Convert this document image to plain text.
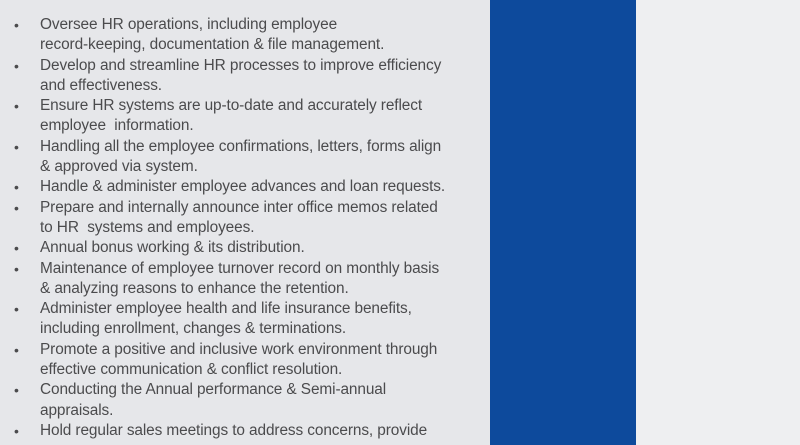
•	Oversee HR operations, including employee
record-keeping, documentation & file management.
•	Develop and streamline HR processes to improve efficiency
and effectiveness.
•	Ensure HR systems are up-to-date and accurately reflect
employee  information.
•	Handling all the employee confirmations, letters, forms align
& approved via system.
•	Handle & administer employee advances and loan requests.
•	Prepare and internally announce inter office memos related
to HR  systems and employees.
•	Annual bonus working & its distribution.
•	Maintenance of employee turnover record on monthly basis
& analyzing reasons to enhance the retention.
•	Administer employee health and life insurance benefits,
including enrollment, changes & terminations.
•	Promote a positive and inclusive work environment through
effective communication & conflict resolution.
•	Conducting the Annual performance & Semi-annual
appraisals.
•	Hold regular sales meetings to address concerns, provide
